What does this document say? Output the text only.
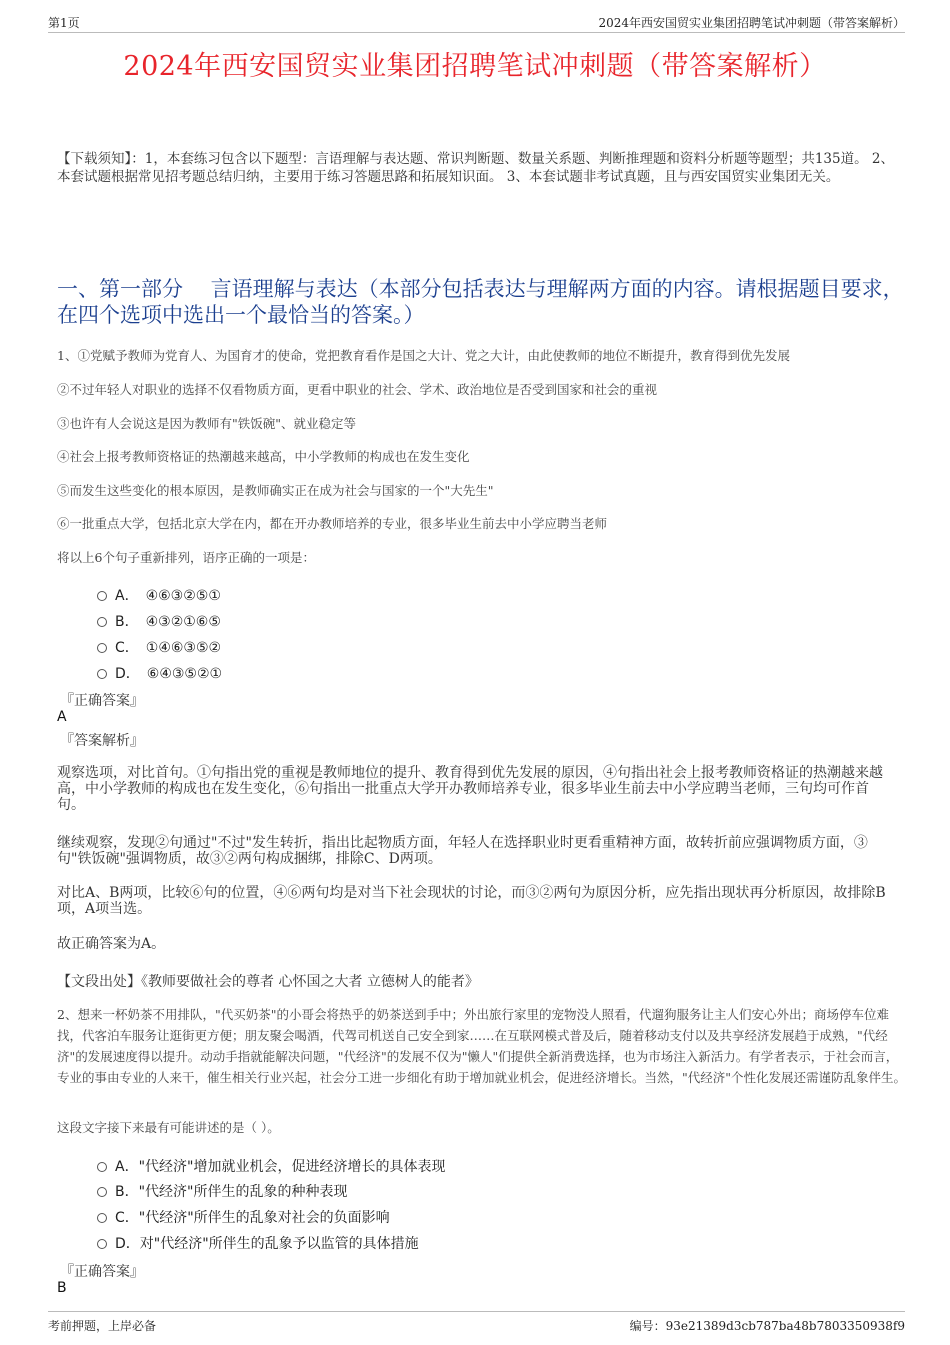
第1页	2024年西安国贸实业集团招聘笔试冲刺题（带答案解析）
2024年西安国贸实业集团招聘笔试冲刺题（带答案解析）
【下载须知】：1，本套练习包含以下题型：言语理解与表达题、常识判断题、数量关系题、判断推理题和资料分析题等题型；共135道。 2、本套试题根据常见招考题总结归纳，主要用于练习答题思路和拓展知识面。 3、本套试题非考试真题，且与西安国贸实业集团无关。
一、第一部分　 言语理解与表达（本部分包括表达与理解两方面的内容。请根据题目要求，在四个选项中选出一个最恰当的答案。）
1、①党赋予教师为党育人、为国育才的使命，党把教育看作是国之大计、党之大计，由此使教师的地位不断提升，教育得到优先发展
②不过年轻人对职业的选择不仅看物质方面，更看中职业的社会、学术、政治地位是否受到国家和社会的重视
③也许有人会说这是因为教师有"铁饭碗"、就业稳定等
④社会上报考教师资格证的热潮越来越高，中小学教师的构成也在发生变化
⑤而发生这些变化的根本原因，是教师确实正在成为社会与国家的一个"大先生"
⑥一批重点大学，包括北京大学在内，都在开办教师培养的专业，很多毕业生前去中小学应聘当老师
将以上6个句子重新排列，语序正确的一项是：
A．　④⑥③②⑤①
B．　④③②①⑥⑤
C．　①④⑥③⑤②
D．　⑥④③⑤②①
『正确答案』
A
『答案解析』
观察选项，对比首句。①句指出党的重视是教师地位的提升、教育得到优先发展的原因，④句指出社会上报考教师资格证的热潮越来越高，中小学教师的构成也在发生变化，⑥句指出一批重点大学开办教师培养专业，很多毕业生前去中小学应聘当老师，三句均可作首句。
继续观察，发现②句通过"不过"发生转折，指出比起物质方面，年轻人在选择职业时更看重精神方面，故转折前应强调物质方面，③句"铁饭碗"强调物质，故③②两句构成捆绑，排除C、D两项。
对比A、B两项，比较⑥句的位置，④⑥两句均是对当下社会现状的讨论，而③②两句为原因分析，应先指出现状再分析原因，故排除B项，A项当选。
故正确答案为A。
【文段出处】《教师要做社会的尊者 心怀国之大者 立德树人的能者》
2、想来一杯奶茶不用排队，"代买奶茶"的小哥会将热乎的奶茶送到手中；外出旅行家里的宠物没人照看，代遛狗服务让主人们安心外出；商场停车位难找，代客泊车服务让逛街更方便；朋友聚会喝酒，代驾司机送自己安全到家……在互联网模式普及后，随着移动支付以及共享经济发展趋于成熟，"代经济"的发展速度得以提升。动动手指就能解决问题，"代经济"的发展不仅为"懒人"们提供全新消费选择，也为市场注入新活力。有学者表示，于社会而言，专业的事由专业的人来干，催生相关行业兴起，社会分工进一步细化有助于增加就业机会，促进经济增长。当然，"代经济"个性化发展还需谨防乱象伴生。
这段文字接下来最有可能讲述的是（ ）。
A．"代经济"增加就业机会，促进经济增长的具体表现
B．"代经济"所伴生的乱象的种种表现
C．"代经济"所伴生的乱象对社会的负面影响
D．对"代经济"所伴生的乱象予以监管的具体措施
『正确答案』
B
考前押题，上岸必备	编号：93e21389d3cb787ba48b7803350938f9
